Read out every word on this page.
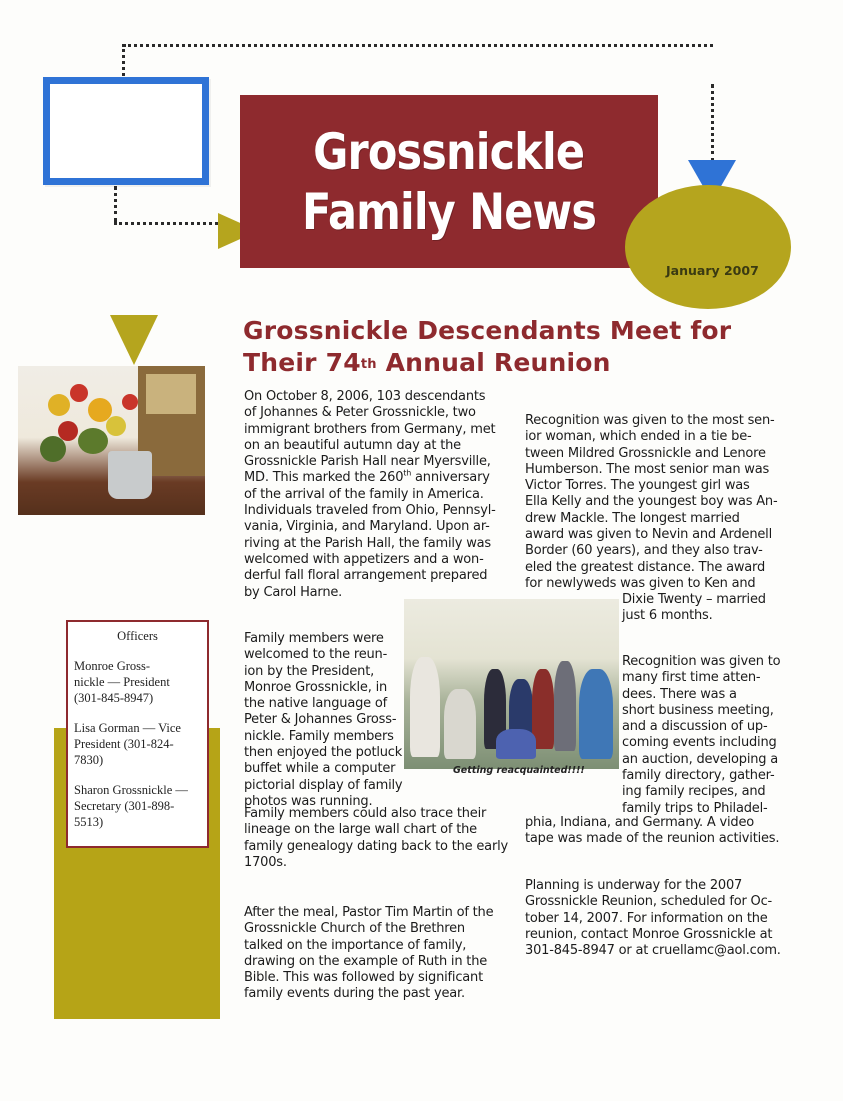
Grossnickle
Family News
January 2007
Grossnickle Descendants Meet for
Their 74th Annual Reunion
Getting reacquainted!!!!
Officers
Monroe Gross-
nickle — President
(301-845-8947)
Lisa Gorman — Vice
President (301-824-
7830)
Sharon Grossnickle —
Secretary (301-898-
5513)
On October 8, 2006, 103 descendants
of Johannes & Peter Grossnickle, two
immigrant brothers from Germany, met
on an beautiful autumn day at the
Grossnickle Parish Hall near Myersville,
MD. This marked the 260th anniversary
of the arrival of the family in America.
Individuals traveled from Ohio, Pennsyl-
vania, Virginia, and Maryland. Upon ar-
riving at the Parish Hall, the family was
welcomed with appetizers and a won-
derful fall floral arrangement prepared
by Carol Harne.
Family members were
welcomed to the reun-
ion by the President,
Monroe Grossnickle, in
the native language of
Peter & Johannes Gross-
nickle. Family members
then enjoyed the potluck
buffet while a computer
pictorial display of family
photos was running.
Family members could also trace their
lineage on the large wall chart of the
family genealogy dating back to the early
1700s.
After the meal, Pastor Tim Martin of the
Grossnickle Church of the Brethren
talked on the importance of family,
drawing on the example of Ruth in the
Bible. This was followed by significant
family events during the past year.
Recognition was given to the most sen-
ior woman, which ended in a tie be-
tween Mildred Grossnickle and Lenore
Humberson. The most senior man was
Victor Torres. The youngest girl was
Ella Kelly and the youngest boy was An-
drew Mackle. The longest married
award was given to Nevin and Ardenell
Border (60 years), and they also trav-
eled the greatest distance. The award
for newlyweds was given to Ken and
Dixie Twenty – married
just 6 months.
Recognition was given to
many first time atten-
dees. There was a
short business meeting,
and a discussion of up-
coming events including
an auction, developing a
family directory, gather-
ing family recipes, and
family trips to Philadel-
phia, Indiana, and Germany. A video
tape was made of the reunion activities.
Planning is underway for the 2007
Grossnickle Reunion, scheduled for Oc-
tober 14, 2007. For information on the
reunion, contact Monroe Grossnickle at
301-845-8947 or at cruellamc@aol.com.
